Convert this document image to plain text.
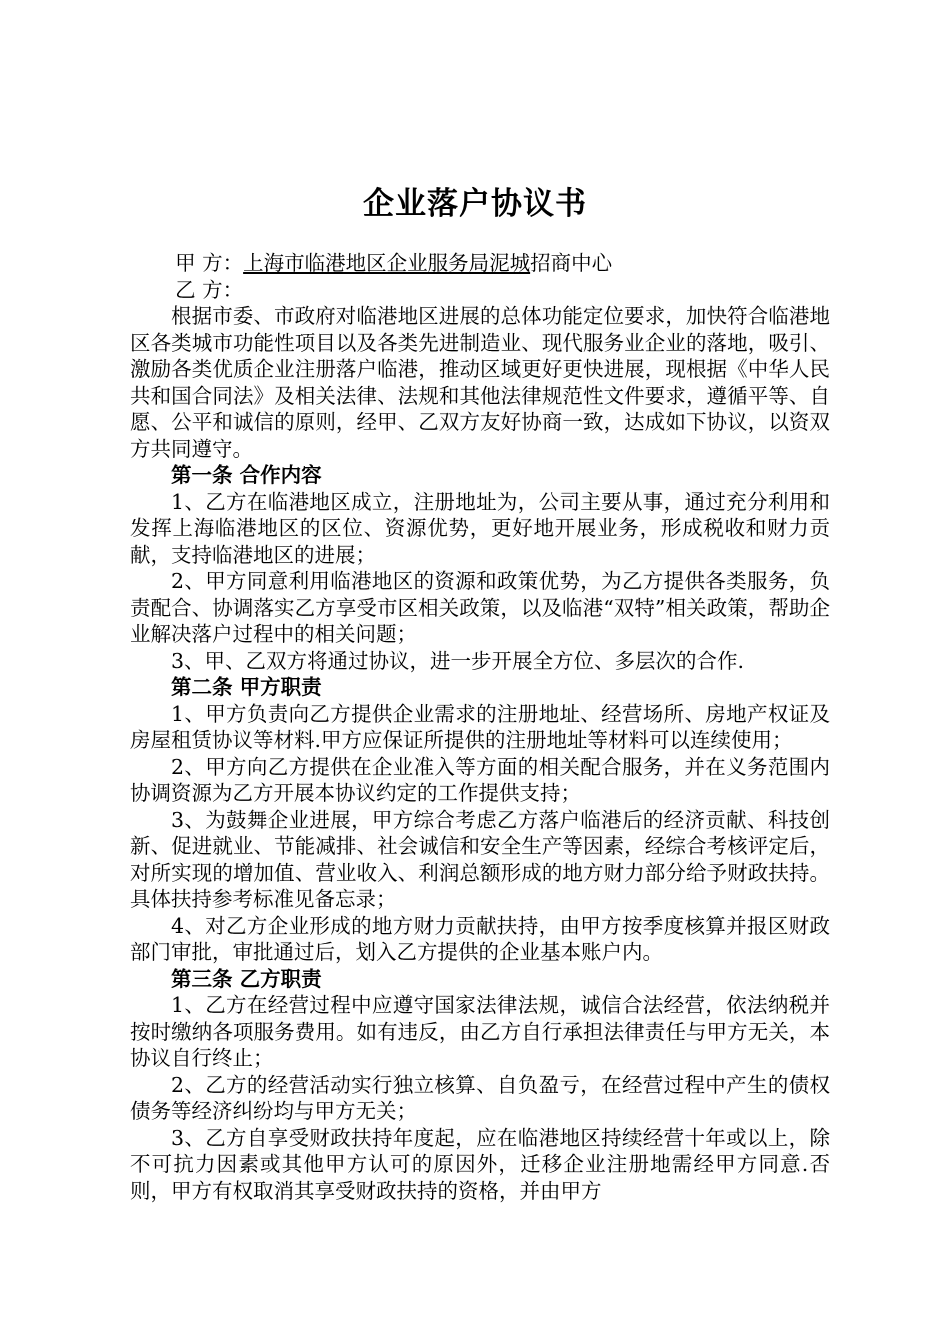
企业落户协议书

甲 方：上海市临港地区企业服务局泥城招商中心

乙 方：

根据市委、市政府对临港地区进展的总体功能定位要求，加快符合临港地区各类城市功能性项目以及各类先进制造业、现代服务业企业的落地，吸引、激励各类优质企业注册落户临港，推动区域更好更快进展，现根据《中华人民共和国合同法》及相关法律、法规和其他法律规范性文件要求，遵循平等、自愿、公平和诚信的原则，经甲、乙双方友好协商一致，达成如下协议，以资双方共同遵守。

第一条 合作内容

1、乙方在临港地区成立，注册地址为，公司主要从事，通过充分利用和发挥上海临港地区的区位、资源优势，更好地开展业务，形成税收和财力贡献，支持临港地区的进展；

2、甲方同意利用临港地区的资源和政策优势，为乙方提供各类服务，负责配合、协调落实乙方享受市区相关政策，以及临港“双特”相关政策，帮助企业解决落户过程中的相关问题；

3、甲、乙双方将通过协议，进一步开展全方位、多层次的合作.

第二条 甲方职责

1、甲方负责向乙方提供企业需求的注册地址、经营场所、房地产权证及房屋租赁协议等材料.甲方应保证所提供的注册地址等材料可以连续使用；

2、甲方向乙方提供在企业准入等方面的相关配合服务，并在义务范围内协调资源为乙方开展本协议约定的工作提供支持；

3、为鼓舞企业进展，甲方综合考虑乙方落户临港后的经济贡献、科技创新、促进就业、节能减排、社会诚信和安全生产等因素，经综合考核评定后，对所实现的增加值、营业收入、利润总额形成的地方财力部分给予财政扶持。具体扶持参考标准见备忘录；

4、对乙方企业形成的地方财力贡献扶持，由甲方按季度核算并报区财政部门审批，审批通过后，划入乙方提供的企业基本账户内。

第三条 乙方职责

1、乙方在经营过程中应遵守国家法律法规，诚信合法经营，依法纳税并按时缴纳各项服务费用。如有违反，由乙方自行承担法律责任与甲方无关，本协议自行终止；

2、乙方的经营活动实行独立核算、自负盈亏，在经营过程中产生的债权债务等经济纠纷均与甲方无关；

3、乙方自享受财政扶持年度起，应在临港地区持续经营十年或以上，除不可抗力因素或其他甲方认可的原因外，迁移企业注册地需经甲方同意.否则，甲方有权取消其享受财政扶持的资格，并由甲方
